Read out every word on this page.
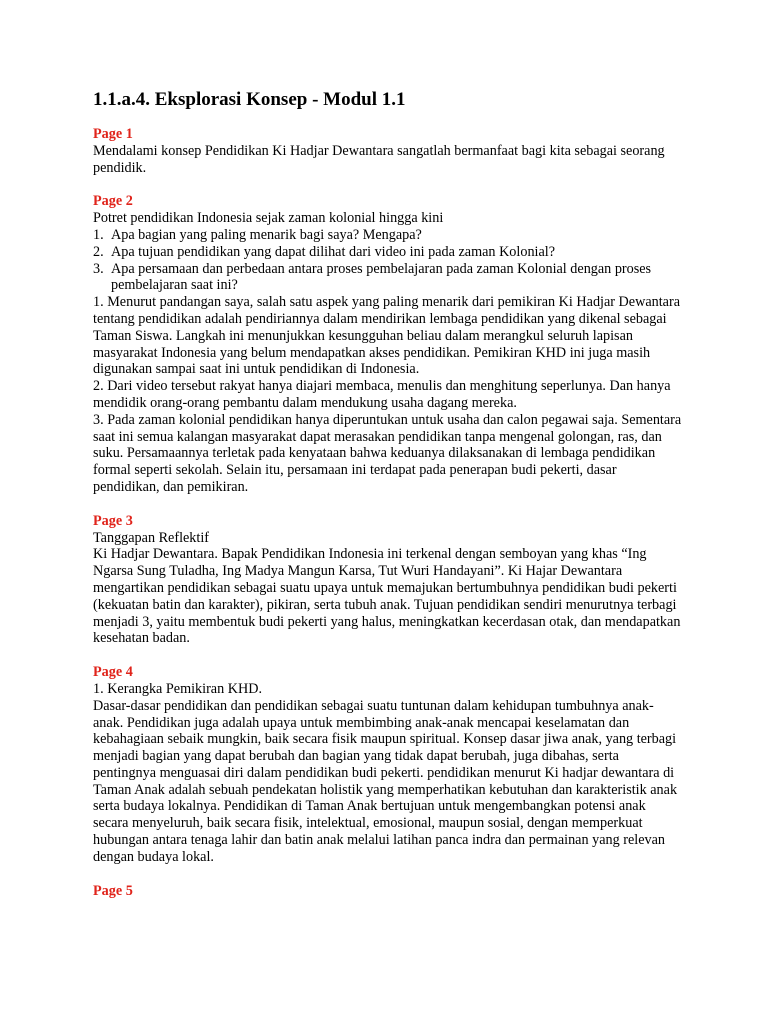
1.1.a.4. Eksplorasi Konsep - Modul 1.1

Page 1

Mendalami konsep Pendidikan Ki Hadjar Dewantara sangatlah bermanfaat bagi kita sebagai seorang pendidik.

Page 2

Potret pendidikan Indonesia sejak zaman kolonial hingga kini

1. Apa bagian yang paling menarik bagi saya? Mengapa?
2. Apa tujuan pendidikan yang dapat dilihat dari video ini pada zaman Kolonial?
3. Apa persamaan dan perbedaan antara proses pembelajaran pada zaman Kolonial dengan proses pembelajaran saat ini?

1. Menurut pandangan saya, salah satu aspek yang paling menarik dari pemikiran Ki Hadjar Dewantara tentang pendidikan adalah pendiriannya dalam mendirikan lembaga pendidikan yang dikenal sebagai Taman Siswa. Langkah ini menunjukkan kesungguhan beliau dalam merangkul seluruh lapisan masyarakat Indonesia yang belum mendapatkan akses pendidikan. Pemikiran KHD ini juga masih digunakan sampai saat ini untuk pendidikan di Indonesia.

2. Dari video tersebut rakyat hanya diajari membaca, menulis dan menghitung seperlunya. Dan hanya mendidik orang-orang pembantu dalam mendukung usaha dagang mereka.

3. Pada zaman kolonial pendidikan hanya diperuntukan untuk usaha dan calon pegawai saja. Sementara saat ini semua kalangan masyarakat dapat merasakan pendidikan tanpa mengenal golongan, ras, dan suku. Persamaannya terletak pada kenyataan bahwa keduanya dilaksanakan di lembaga pendidikan formal seperti sekolah. Selain itu, persamaan ini terdapat pada penerapan budi pekerti, dasar pendidikan, dan pemikiran.

Page 3

Tanggapan Reflektif

Ki Hadjar Dewantara. Bapak Pendidikan Indonesia ini terkenal dengan semboyan yang khas “Ing Ngarsa Sung Tuladha, Ing Madya Mangun Karsa, Tut Wuri Handayani”. Ki Hajar Dewantara mengartikan pendidikan sebagai suatu upaya untuk memajukan bertumbuhnya pendidikan budi pekerti (kekuatan batin dan karakter), pikiran, serta tubuh anak. Tujuan pendidikan sendiri menurutnya terbagi menjadi 3, yaitu membentuk budi pekerti yang halus, meningkatkan kecerdasan otak, dan mendapatkan kesehatan badan.

Page 4

1. Kerangka Pemikiran KHD.

Dasar-dasar pendidikan dan pendidikan sebagai suatu tuntunan dalam kehidupan tumbuhnya anak-anak. Pendidikan juga adalah upaya untuk membimbing anak-anak mencapai keselamatan dan kebahagiaan sebaik mungkin, baik secara fisik maupun spiritual. Konsep dasar jiwa anak, yang terbagi menjadi bagian yang dapat berubah dan bagian yang tidak dapat berubah, juga dibahas, serta pentingnya menguasai diri dalam pendidikan budi pekerti. pendidikan menurut Ki hadjar dewantara di Taman Anak adalah sebuah pendekatan holistik yang memperhatikan kebutuhan dan karakteristik anak serta budaya lokalnya. Pendidikan di Taman Anak bertujuan untuk mengembangkan potensi anak secara menyeluruh, baik secara fisik, intelektual, emosional, maupun sosial, dengan memperkuat hubungan antara tenaga lahir dan batin anak melalui latihan panca indra dan permainan yang relevan dengan budaya lokal.

Page 5
